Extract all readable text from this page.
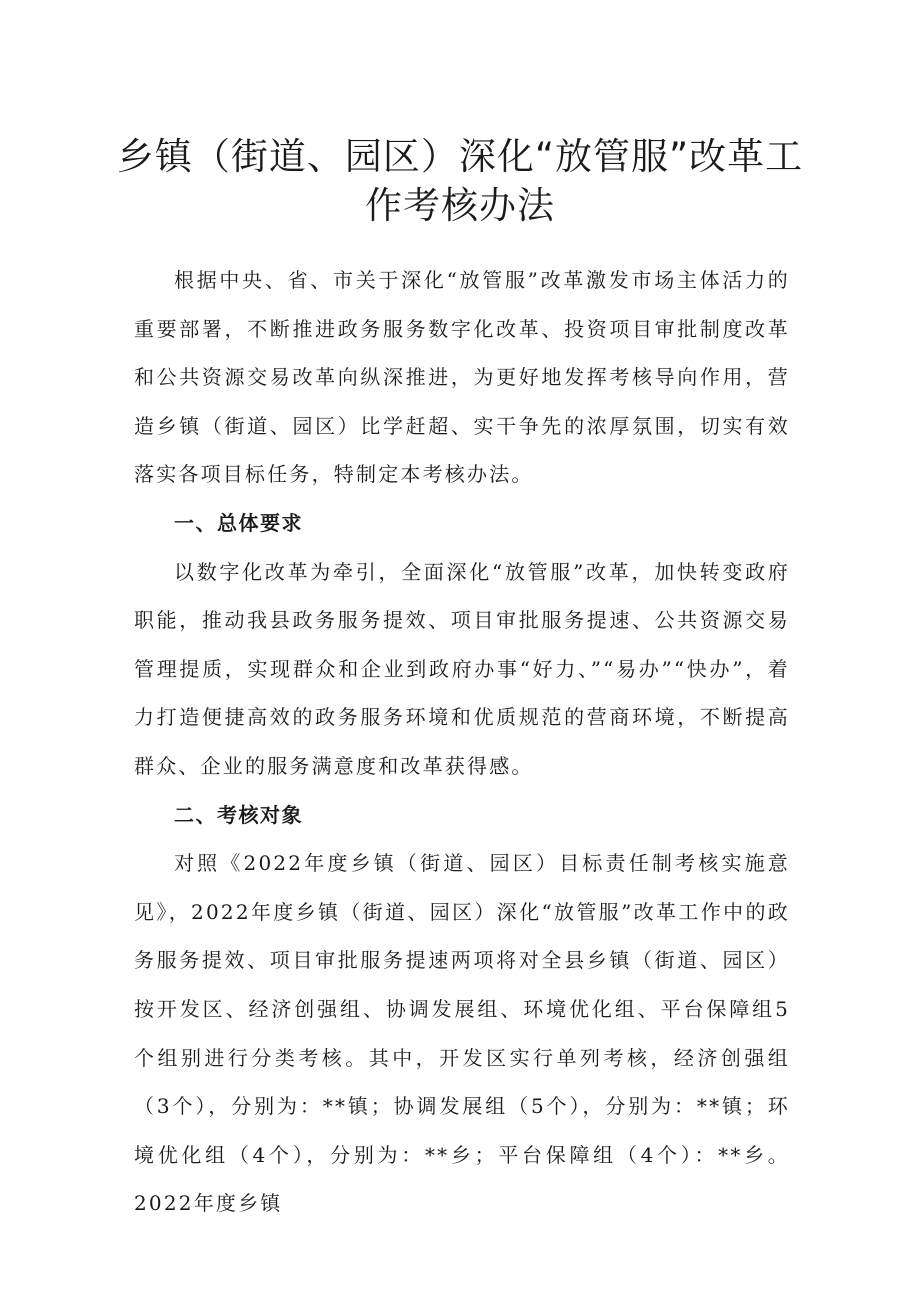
乡镇（街道、园区）深化“放管服”改革工
作考核办法

根据中央、省、市关于深化“放管服”改革激发市场主体活力的重要部署，不断推进政务服务数字化改革、投资项目审批制度改革和公共资源交易改革向纵深推进，为更好地发挥考核导向作用，营造乡镇（街道、园区）比学赶超、实干争先的浓厚氛围，切实有效落实各项目标任务，特制定本考核办法。

一、总体要求

以数字化改革为牵引，全面深化“放管服”改革，加快转变政府职能，推动我县政务服务提效、项目审批服务提速、公共资源交易管理提质，实现群众和企业到政府办事“好力、”“易办”“快办”，着力打造便捷高效的政务服务环境和优质规范的营商环境，不断提高群众、企业的服务满意度和改革获得感。

二、考核对象

对照《2022年度乡镇（街道、园区）目标责任制考核实施意见》，2022年度乡镇（街道、园区）深化“放管服”改革工作中的政务服务提效、项目审批服务提速两项将对全县乡镇（街道、园区）按开发区、经济创强组、协调发展组、环境优化组、平台保障组5个组别进行分类考核。其中，开发区实行单列考核，经济创强组（3个），分别为：**镇；协调发展组（5个），分别为：**镇；环境优化组（4个），分别为：**乡；平台保障组（4个）：**乡。2022年度乡镇
